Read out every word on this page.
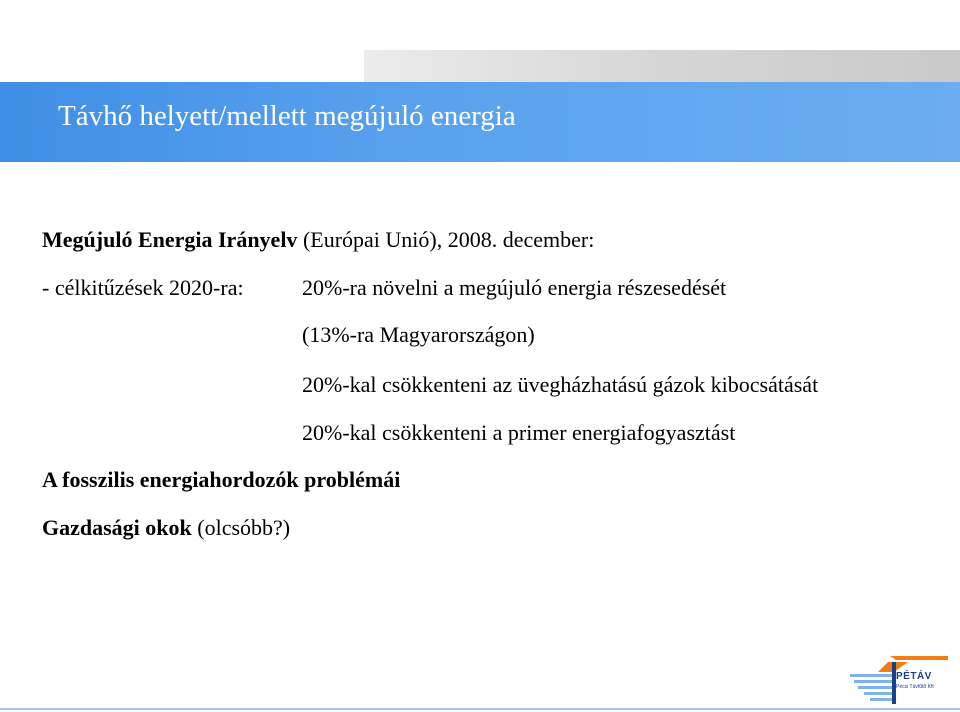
Távhő helyett/mellett megújuló energia
Megújuló Energia Irányelv (Európai Unió), 2008. december:
- célkitűzések 2020-ra:	20%-ra növelni a megújuló energia részesedését
(13%-ra Magyarországon)
20%-kal csökkenteni az üvegházhatású gázok kibocsátását
20%-kal csökkenteni a primer energiafogyasztást
A fosszilis energiahordozók problémái
Gazdasági okok (olcsóbb?)
PÉTÁV
Pécsi Távfűtő Kft
